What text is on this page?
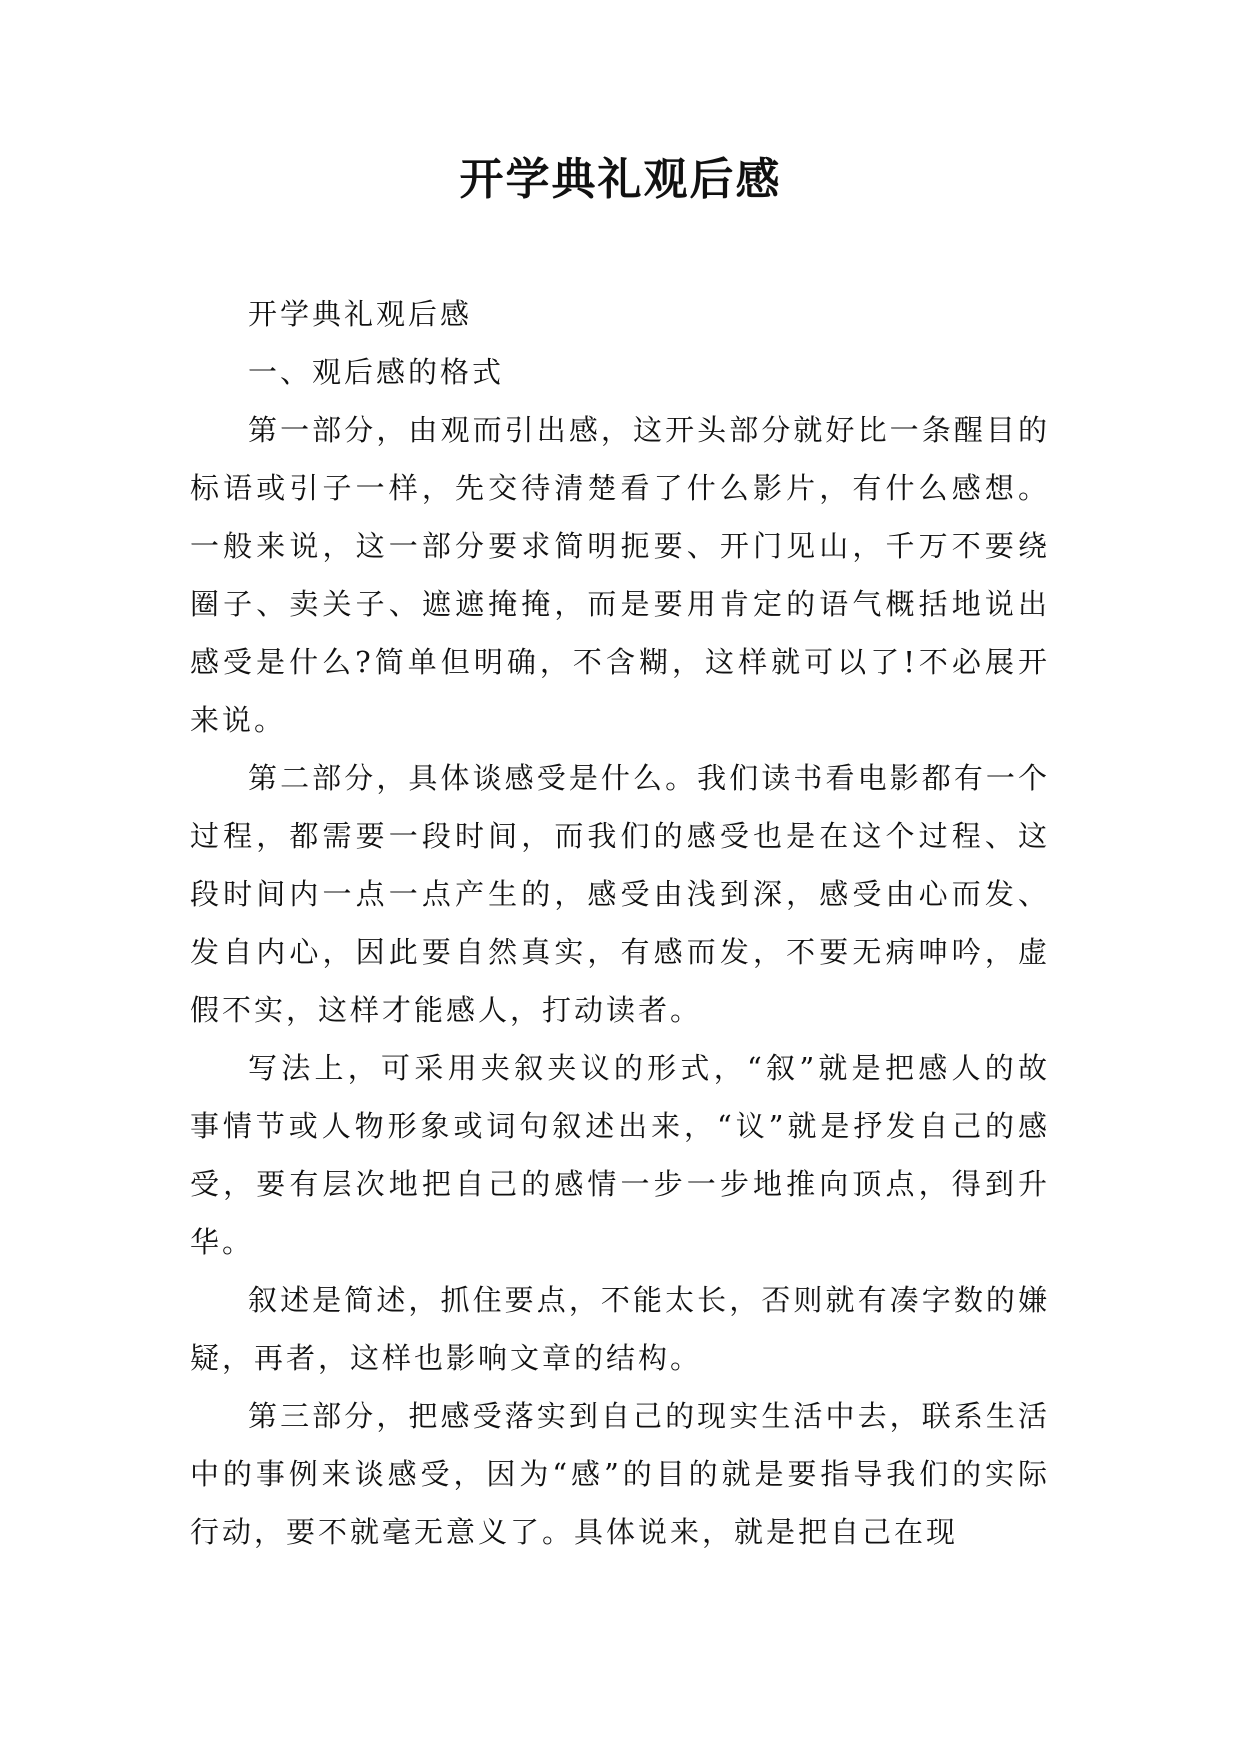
开学典礼观后感

开学典礼观后感

一、观后感的格式

第一部分，由观而引出感，这开头部分就好比一条醒目的标语或引子一样，先交待清楚看了什么影片，有什么感想。一般来说，这一部分要求简明扼要、开门见山，千万不要绕圈子、卖关子、遮遮掩掩，而是要用肯定的语气概括地说出感受是什么?简单但明确，不含糊，这样就可以了!不必展开来说。

第二部分，具体谈感受是什么。我们读书看电影都有一个过程，都需要一段时间，而我们的感受也是在这个过程、这段时间内一点一点产生的，感受由浅到深，感受由心而发、发自内心，因此要自然真实，有感而发，不要无病呻吟，虚假不实，这样才能感人，打动读者。

写法上，可采用夹叙夹议的形式，“叙”就是把感人的故事情节或人物形象或词句叙述出来，“议”就是抒发自己的感受，要有层次地把自己的感情一步一步地推向顶点，得到升华。

叙述是简述，抓住要点，不能太长，否则就有凑字数的嫌疑，再者，这样也影响文章的结构。

第三部分，把感受落实到自己的现实生活中去，联系生活中的事例来谈感受，因为“感”的目的就是要指导我们的实际行动，要不就毫无意义了。具体说来，就是把自己在现
